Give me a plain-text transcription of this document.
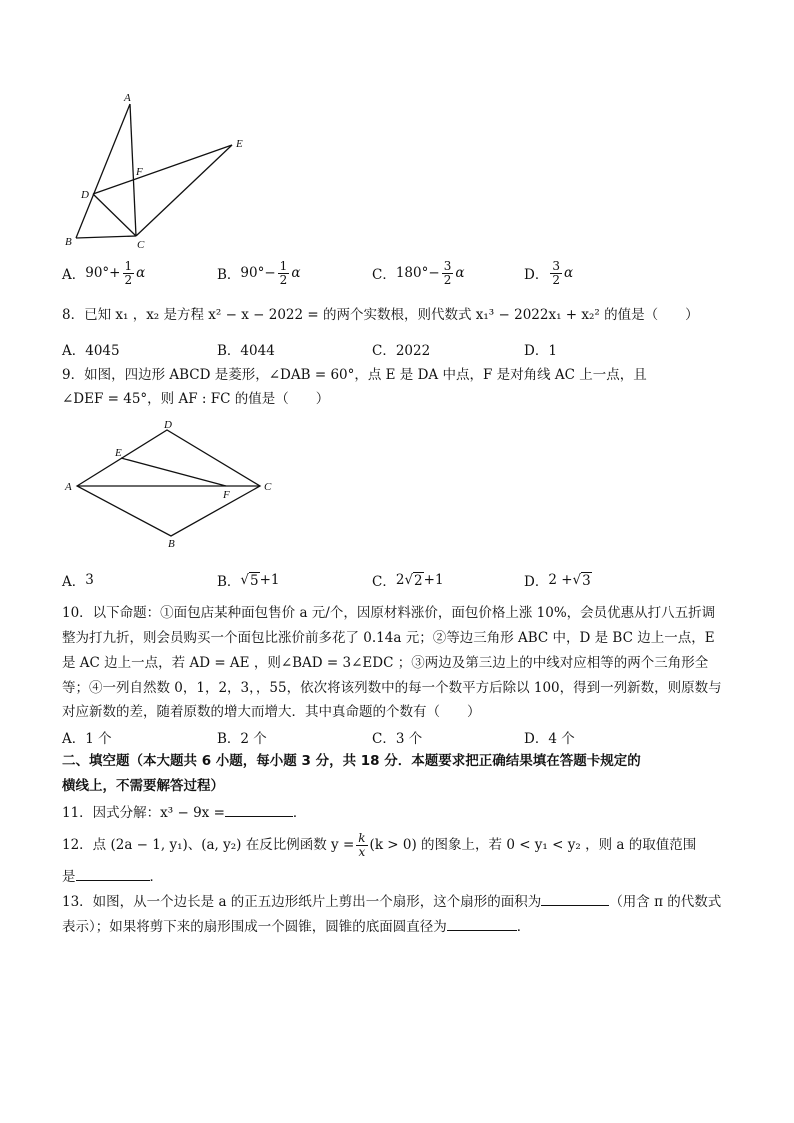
A
E
F
D
B	C
A． $90^\circ+ \frac{1}{2}$ α	B． $90^\circ- \frac{1}{2}$ α	C． $180^\circ- \frac{3}{2}$ α	D． $\frac{3}{2}$ α
8．已知 x₁ ，x₂ 是方程 x² − x − 2022 = 的两个实数根，则代数式 x₁³ − 2022x₁ + x₂² 的值是（　　）
A．4045	B．4044	C．2022	D．1
9．如图，四边形 ABCD 是菱形，∠DAB = 60°，点 E 是 DA 中点，F 是对角线 AC 上一点，且
∠DEF = 45°，则 AF : FC 的值是（　　）
D
E
A
F
C
B
A． 3	B． √ 5 +1	C． 2 √ 2 +1	D． 2 + √ 3
10．以下命题：①面包店某种面包售价 a 元/个，因原材料涨价，面包价格上涨 10%，会员优惠从打八五折调
整为打九折，则会员购买一个面包比涨价前多花了 0.14a 元；②等边三角形 ABC 中，D 是 BC 边上一点，E
是 AC 边上一点，若 AD = AE ，则∠BAD = 3∠EDC ；③两边及第三边上的中线对应相等的两个三角形全
等；④一列自然数 0，1，2，3，，55，依次将该列数中的每一个数平方后除以 100，得到一列新数，则原数与
对应新数的差，随着原数的增大而增大．其中真命题的个数有（　　）
A．1 个	B．2 个	C．3 个	D．4 个
二、填空题（本大题共 6 小题，每小题 3 分，共 18 分．本题要求把正确结果填在答题卡规定的
横线上，不需要解答过程）
11．因式分解：x³ − 9x =	．
12．点 (2a − 1, y₁)、(a, y₂) 在反比例函数 $y = \frac{k}{x} (k > 0)$ 的图象上，若 0 < y₁ < y₂ ，则 a 的取值范围
是	．
13．如图，从一个边长是 a 的正五边形纸片上剪出一个扇形，这个扇形的面积为	（用含 π 的代数式
表示）；如果将剪下来的扇形围成一个圆锥，圆锥的底面圆直径为	．
